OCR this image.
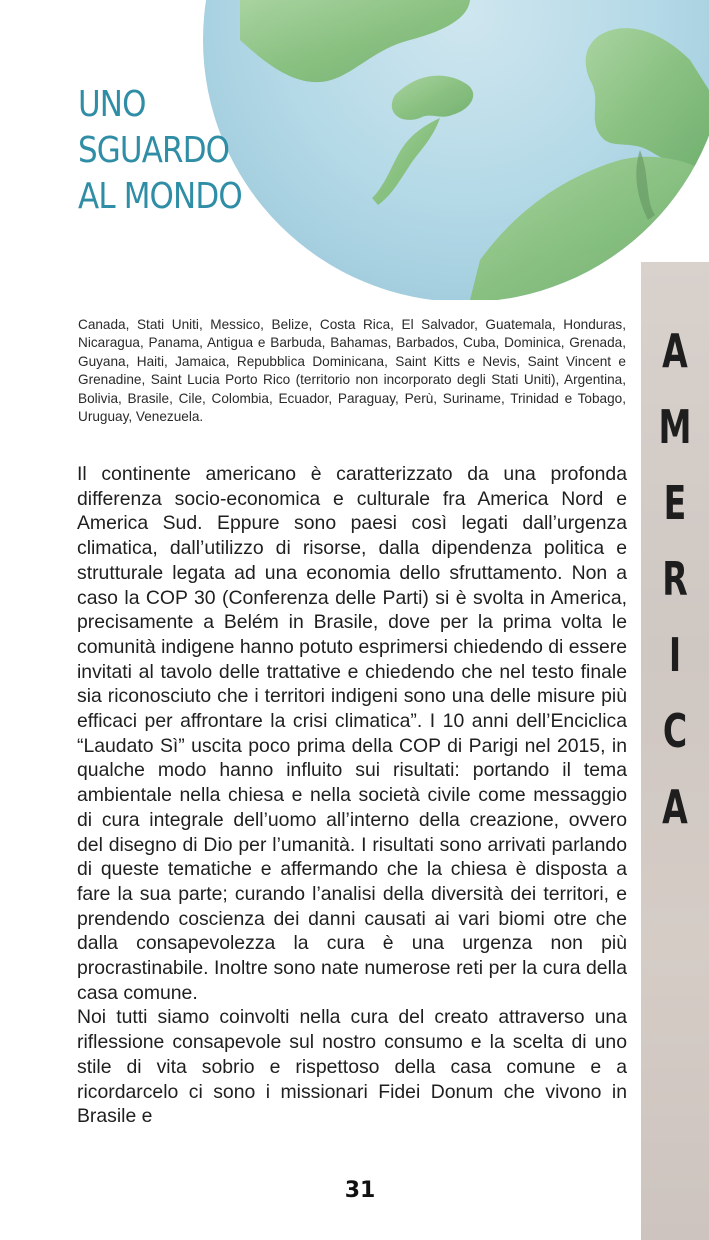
A
M
E
R
I
C
A
UNO
SGUARDO
AL MONDO

Canada, Stati Uniti, Messico, Belize, Costa Rica, El Salvador, Guatemala, Honduras, Nicaragua, Panama, Antigua e Barbuda, Bahamas, Barbados, Cuba, Dominica, Grenada, Guyana, Haiti, Jamaica, Repubblica Dominicana, Saint Kitts e Nevis, Saint Vincent e Grenadine, Saint Lucia Porto Rico (territorio non incorporato degli Stati Uniti), Argentina, Bolivia, Brasile, Cile, Colombia, Ecuador, Paraguay, Perù, Suriname, Trinidad e Tobago, Uruguay, Venezuela.

Il continente americano è caratterizzato da una profonda differenza socio-economica e culturale fra America Nord e America Sud. Eppure sono paesi così legati dall’urgenza climatica, dall’utilizzo di risorse, dalla dipendenza politica e strutturale legata ad una economia dello sfruttamento. Non a caso la COP 30 (Conferenza delle Parti) si è svolta in America, precisamente a Belém in Brasile, dove per la prima volta le comunità indigene hanno potuto esprimersi chiedendo di essere invitati al tavolo delle trattative e chiedendo che nel testo finale sia riconosciuto che i territori indigeni sono una delle misure più efficaci per affrontare la crisi climatica”. I 10 anni dell’Enciclica “Laudato Sì” uscita poco prima della COP di Parigi nel 2015, in qualche modo hanno influito sui risultati: portando il tema ambientale nella chiesa e nella società civile come messaggio di cura integrale dell’uomo all’interno della creazione, ovvero del disegno di Dio per l’umanità. I risultati sono arrivati parlando di queste tematiche e affermando che la chiesa è disposta a fare la sua parte; curando l’analisi della diversità dei territori, e prendendo coscienza dei danni causati ai vari biomi otre che dalla consapevolezza la cura è una urgenza non più procrastinabile. Inoltre sono nate numerose reti per la cura della casa comune.

Noi tutti siamo coinvolti nella cura del creato attraverso una riflessione consapevole sul nostro consumo e la scelta di uno stile di vita sobrio e rispettoso della casa comune e a ricordarcelo ci sono i missionari Fidei Donum che vivono in Brasile e

31
